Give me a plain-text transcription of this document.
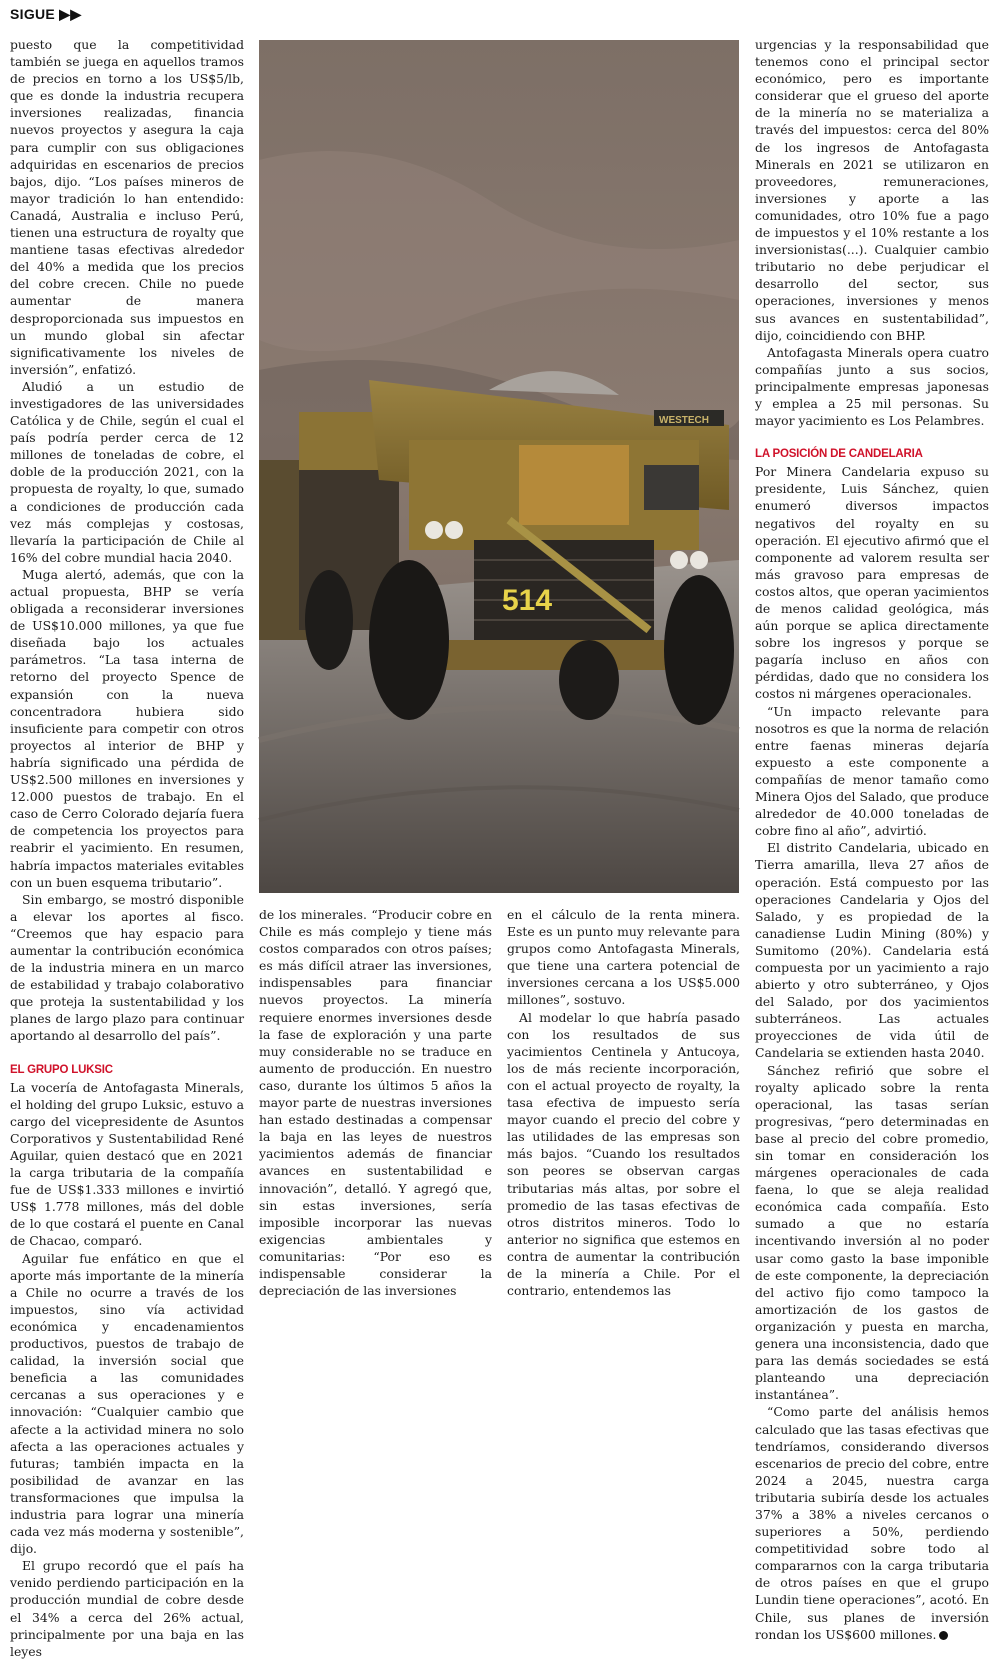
SIGUE ▶▶

puesto que la competitividad también se juega en aquellos tramos de precios en torno a los US$5/lb, que es donde la industria recupera inversiones realizadas, financia nuevos proyectos y asegura la caja para cumplir con sus obligaciones adquiridas en escenarios de precios bajos, dijo. “Los países mineros de mayor tradición lo han entendido: Canadá, Australia e incluso Perú, tienen una estructura de royalty que mantiene tasas efectivas alrededor del 40% a medida que los precios del cobre crecen. Chile no puede aumentar de manera desproporcionada sus impuestos en un mundo global sin afectar significativamente los niveles de inversión”, enfatizó.

Aludió a un estudio de investigadores de las universidades Católica y de Chile, según el cual el país podría perder cerca de 12 millones de toneladas de cobre, el doble de la producción 2021, con la propuesta de royalty, lo que, sumado a condiciones de producción cada vez más complejas y costosas, llevaría la participación de Chile al 16% del cobre mundial hacia 2040.

Muga alertó, además, que con la actual propuesta, BHP se vería obligada a reconsiderar inversiones de US$10.000 millones, ya que fue diseñada bajo los actuales parámetros. “La tasa interna de retorno del proyecto Spence de expansión con la nueva concentradora hubiera sido insuficiente para competir con otros proyectos al interior de BHP y habría significado una pérdida de US$2.500 millones en inversiones y 12.000 puestos de trabajo. En el caso de Cerro Colorado dejaría fuera de competencia los proyectos para reabrir el yacimiento. En resumen, habría impactos materiales evitables con un buen esquema tributario”.

Sin embargo, se mostró disponible a elevar los aportes al fisco. “Creemos que hay espacio para aumentar la contribución económica de la industria minera en un marco de estabilidad y trabajo colaborativo que proteja la sustentabilidad y los planes de largo plazo para continuar aportando al desarrollo del país”.

EL GRUPO LUKSIC

La vocería de Antofagasta Minerals, el holding del grupo Luksic, estuvo a cargo del vicepresidente de Asuntos Corporativos y Sustentabilidad René Aguilar, quien destacó que en 2021 la carga tributaria de la compañía fue de US$1.333 millones e invirtió US$ 1.778 millones, más del doble de lo que costará el puente en Canal de Chacao, comparó.

Aguilar fue enfático en que el aporte más importante de la minería a Chile no ocurre a través de los impuestos, sino vía actividad económica y encadenamientos productivos, puestos de trabajo de calidad, la inversión social que beneficia a las comunidades cercanas a sus operaciones y e innovación: “Cualquier cambio que afecte a la actividad minera no solo afecta a las operaciones actuales y futuras; también impacta en la posibilidad de avanzar en las transformaciones que impulsa la industria para lograr una minería cada vez más moderna y sostenible”, dijo.

El grupo recordó que el país ha venido perdiendo participación en la producción mundial de cobre desde el 34% a cerca del 26% actual, principalmente por una baja en las leyes

WESTECH
514

de los minerales. “Producir cobre en Chile es más complejo y tiene más costos comparados con otros países; es más difícil atraer las inversiones, indispensables para financiar nuevos proyectos. La minería requiere enormes inversiones desde la fase de exploración y una parte muy considerable no se traduce en aumento de producción. En nuestro caso, durante los últimos 5 años la mayor parte de nuestras inversiones han estado destinadas a compensar la baja en las leyes de nuestros yacimientos además de financiar avances en sustentabilidad e innovación”, detalló. Y agregó que, sin estas inversiones, sería imposible incorporar las nuevas exigencias ambientales y comunitarias: “Por eso es indispensable considerar la depreciación de las inversiones

en el cálculo de la renta minera. Este es un punto muy relevante para grupos como Antofagasta Minerals, que tiene una cartera potencial de inversiones cercana a los US$5.000 millones”, sostuvo.

Al modelar lo que habría pasado con los resultados de sus yacimientos Centinela y Antucoya, los de más reciente incorporación, con el actual proyecto de royalty, la tasa efectiva de impuesto sería mayor cuando el precio del cobre y las utilidades de las empresas son más bajos. “Cuando los resultados son peores se observan cargas tributarias más altas, por sobre el promedio de las tasas efectivas de otros distritos mineros. Todo lo anterior no significa que estemos en contra de aumentar la contribución de la minería a Chile. Por el contrario, entendemos las

urgencias y la responsabilidad que tenemos cono el principal sector económico, pero es importante considerar que el grueso del aporte de la minería no se materializa a través del impuestos: cerca del 80% de los ingresos de Antofagasta Minerals en 2021 se utilizaron en proveedores, remuneraciones, inversiones y aporte a las comunidades, otro 10% fue a pago de impuestos y el 10% restante a los inversionistas(...). Cualquier cambio tributario no debe perjudicar el desarrollo del sector, sus operaciones, inversiones y menos sus avances en sustentabilidad”, dijo, coincidiendo con BHP.

Antofagasta Minerals opera cuatro compañías junto a sus socios, principalmente empresas japonesas y emplea a 25 mil personas. Su mayor yacimiento es Los Pelambres.

LA POSICIÓN DE CANDELARIA

Por Minera Candelaria expuso su presidente, Luis Sánchez, quien enumeró diversos impactos negativos del royalty en su operación. El ejecutivo afirmó que el componente ad valorem resulta ser más gravoso para empresas de costos altos, que operan yacimientos de menos calidad geológica, más aún porque se aplica directamente sobre los ingresos y porque se pagaría incluso en años con pérdidas, dado que no considera los costos ni márgenes operacionales.

“Un impacto relevante para nosotros es que la norma de relación entre faenas mineras dejaría expuesto a este componente a compañías de menor tamaño como Minera Ojos del Salado, que produce alrededor de 40.000 toneladas de cobre fino al año”, advirtió.

El distrito Candelaria, ubicado en Tierra amarilla, lleva 27 años de operación. Está compuesto por las operaciones Candelaria y Ojos del Salado, y es propiedad de la canadiense Ludin Mining (80%) y Sumitomo (20%). Candelaria está compuesta por un yacimiento a rajo abierto y otro subterráneo, y Ojos del Salado, por dos yacimientos subterráneos. Las actuales proyecciones de vida útil de Candelaria se extienden hasta 2040.

Sánchez refirió que sobre el royalty aplicado sobre la renta operacional, las tasas serían progresivas, “pero determinadas en base al precio del cobre promedio, sin tomar en consideración los márgenes operacionales de cada faena, lo que se aleja realidad económica cada compañía. Esto sumado a que no estaría incentivando inversión al no poder usar como gasto la base imponible de este componente, la depreciación del activo fijo como tampoco la amortización de los gastos de organización y puesta en marcha, genera una inconsistencia, dado que para las demás sociedades se está planteando una depreciación instantánea”.

“Como parte del análisis hemos calculado que las tasas efectivas que tendríamos, considerando diversos escenarios de precio del cobre, entre 2024 a 2045, nuestra carga tributaria subiría desde los actuales 37% a 38% a niveles cercanos o superiores a 50%, perdiendo competitividad sobre todo al compararnos con la carga tributaria de otros países en que el grupo Lundin tiene operaciones”, acotó. En Chile, sus planes de inversión rondan los US$600 millones. P
